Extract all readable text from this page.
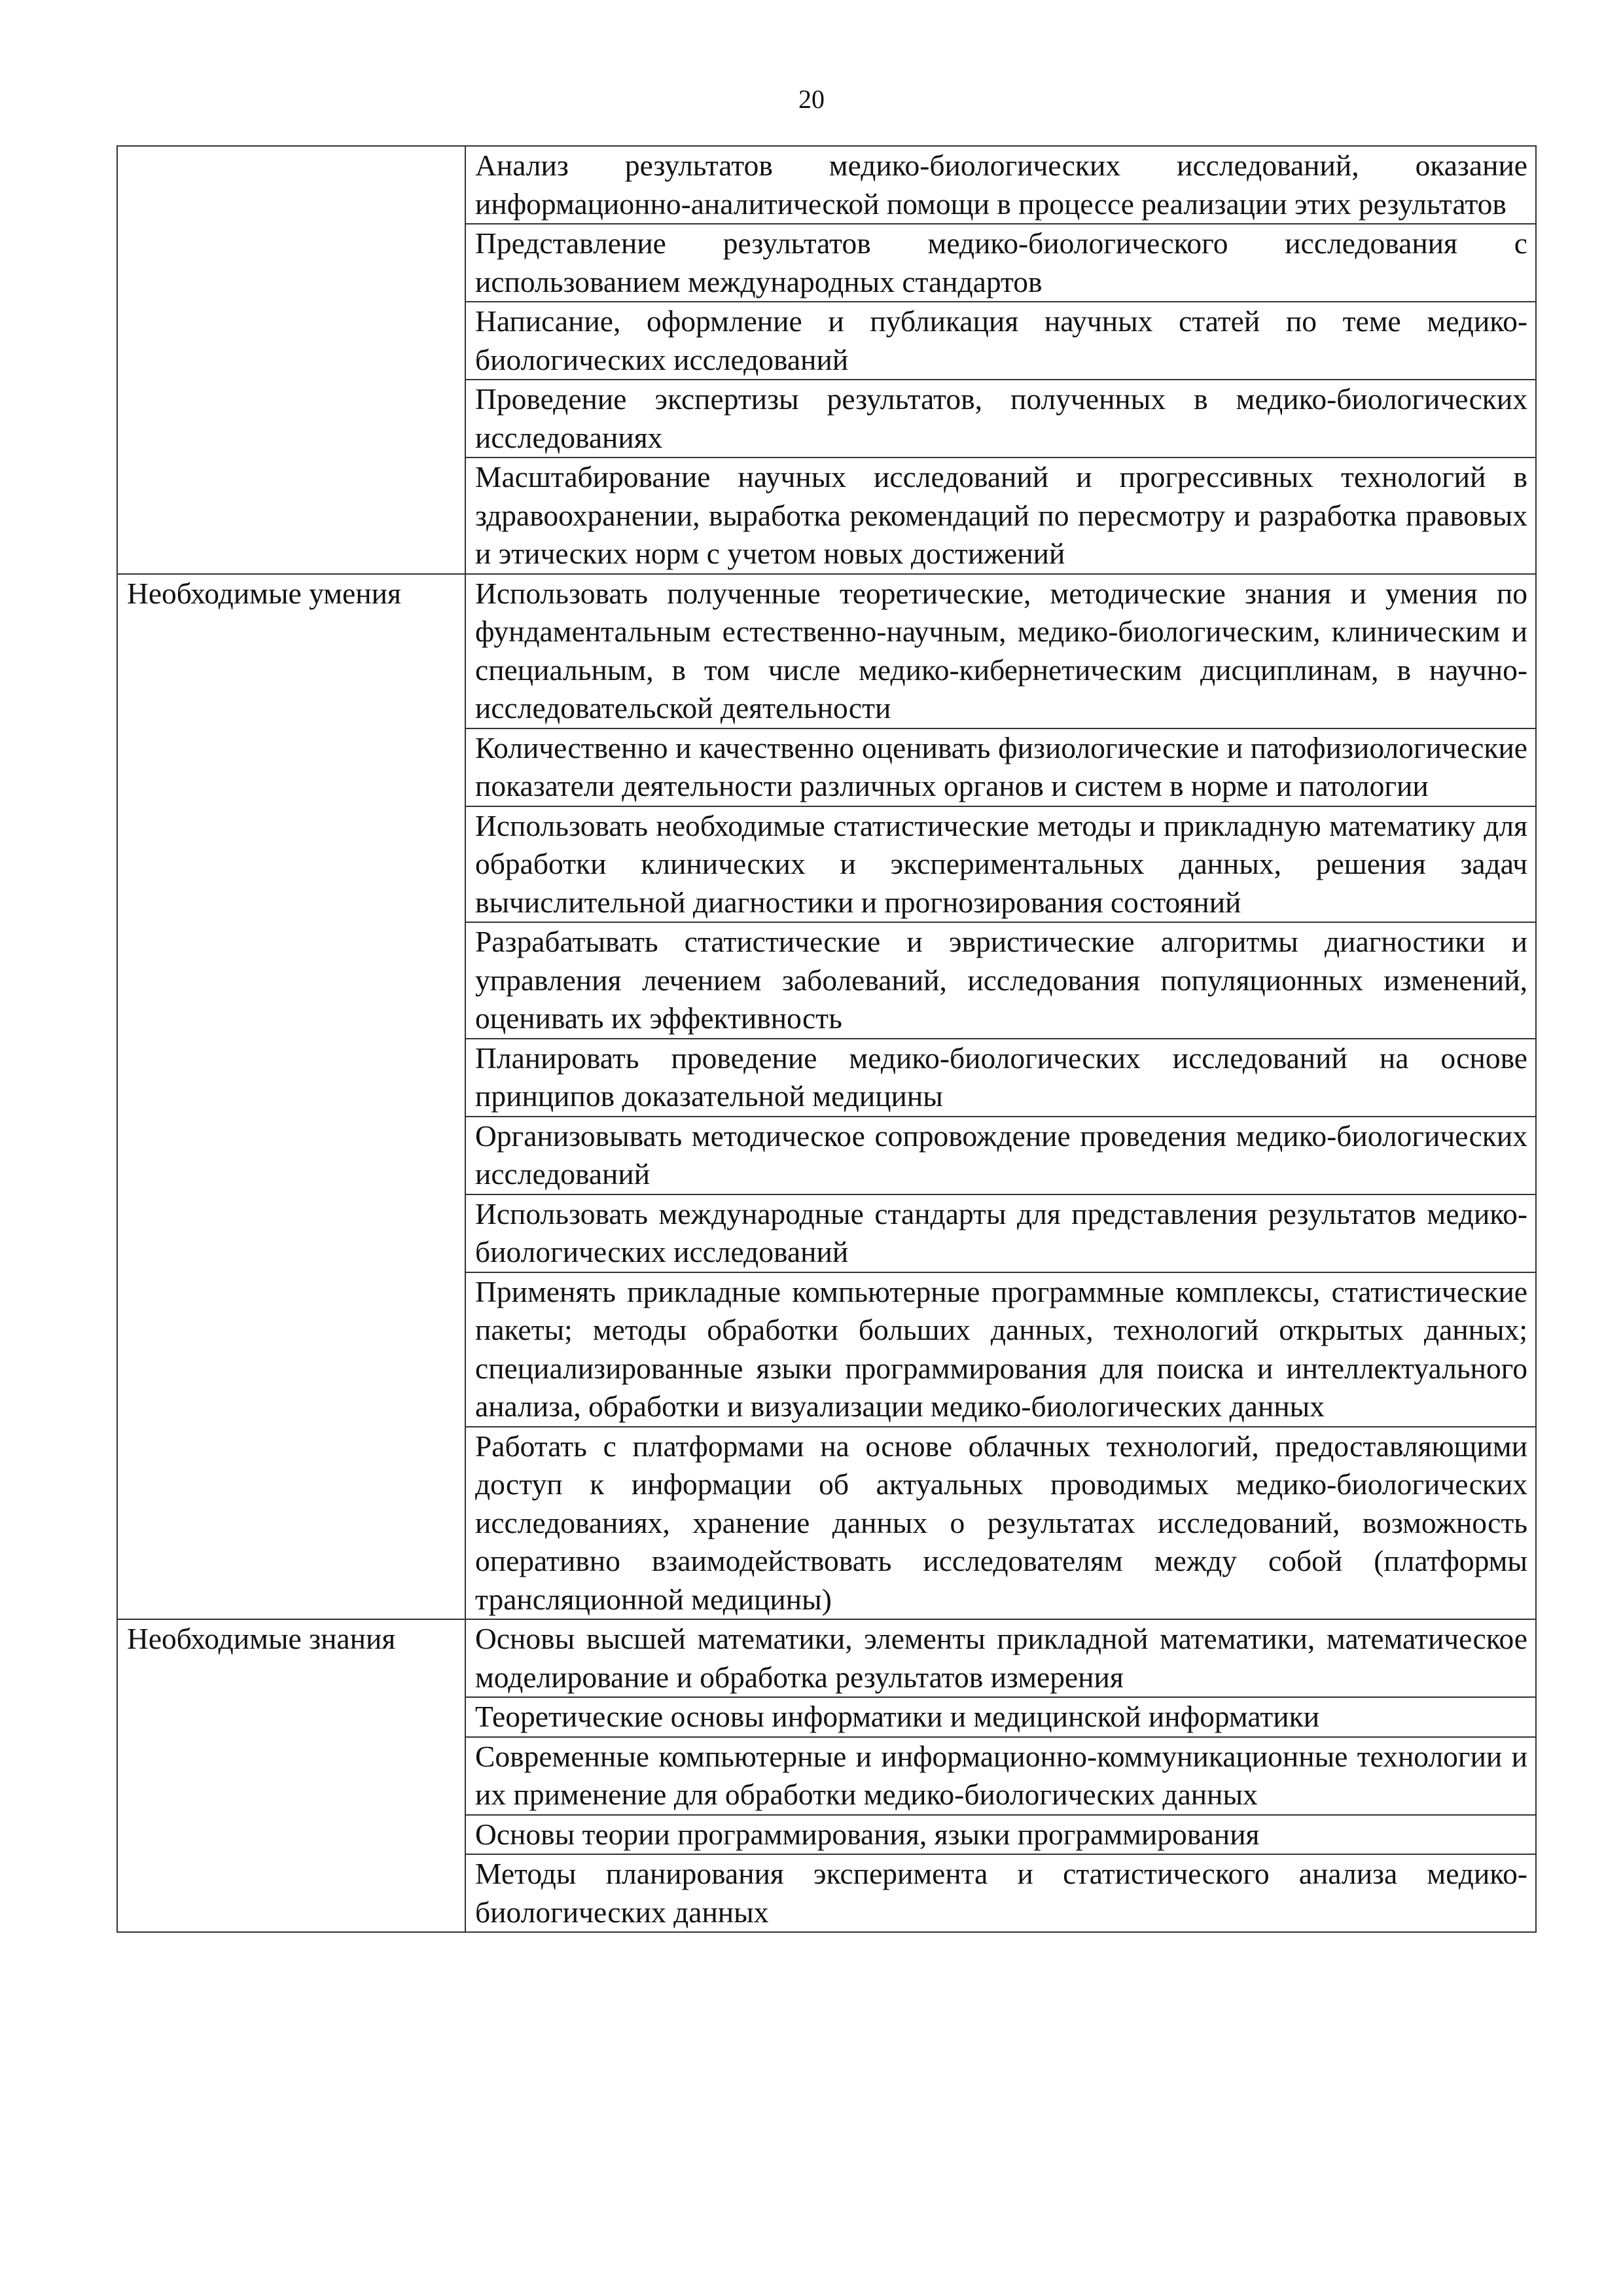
20
	Анализ результатов медико-биологических исследований, оказание информационно-аналитической помощи в процессе реализации этих результатов
	Представление результатов медико-биологического исследования с использованием международных стандартов
	Написание, оформление и публикация научных статей по теме медико-биологических исследований
	Проведение экспертизы результатов, полученных в медико-биологических исследованиях
	Масштабирование научных исследований и прогрессивных технологий в здравоохранении, выработка рекомендаций по пересмотру и разработка правовых и этических норм с учетом новых достижений
Необходимые умения	Использовать полученные теоретические, методические знания и умения по фундаментальным естественно-научным, медико-биологическим, клиническим и специальным, в том числе медико-кибернетическим дисциплинам, в научно-исследовательской деятельности
	Количественно и качественно оценивать физиологические и патофизиологические показатели деятельности различных органов и систем в норме и патологии
	Использовать необходимые статистические методы и прикладную математику для обработки клинических и экспериментальных данных, решения задач вычислительной диагностики и прогнозирования состояний
	Разрабатывать статистические и эвристические алгоритмы диагностики и управления лечением заболеваний, исследования популяционных изменений, оценивать их эффективность
	Планировать проведение медико-биологических исследований на основе принципов доказательной медицины
	Организовывать методическое сопровождение проведения медико-биологических исследований
	Использовать международные стандарты для представления результатов медико-биологических исследований
	Применять прикладные компьютерные программные комплексы, статистические пакеты; методы обработки больших данных, технологий открытых данных; специализированные языки программирования для поиска и интеллектуального анализа, обработки и визуализации медико-биологических данных
	Работать с платформами на основе облачных технологий, предоставляющими доступ к информации об актуальных проводимых медико-биологических исследованиях, хранение данных о результатах исследований, возможность оперативно взаимодействовать исследователям между собой (платформы трансляционной медицины)
Необходимые знания	Основы высшей математики, элементы прикладной математики, математическое моделирование и обработка результатов измерения
	Теоретические основы информатики и медицинской информатики
	Современные компьютерные и информационно-коммуникационные технологии и их применение для обработки медико-биологических данных
	Основы теории программирования, языки программирования
	Методы планирования эксперимента и статистического анализа медико-биологических данных
